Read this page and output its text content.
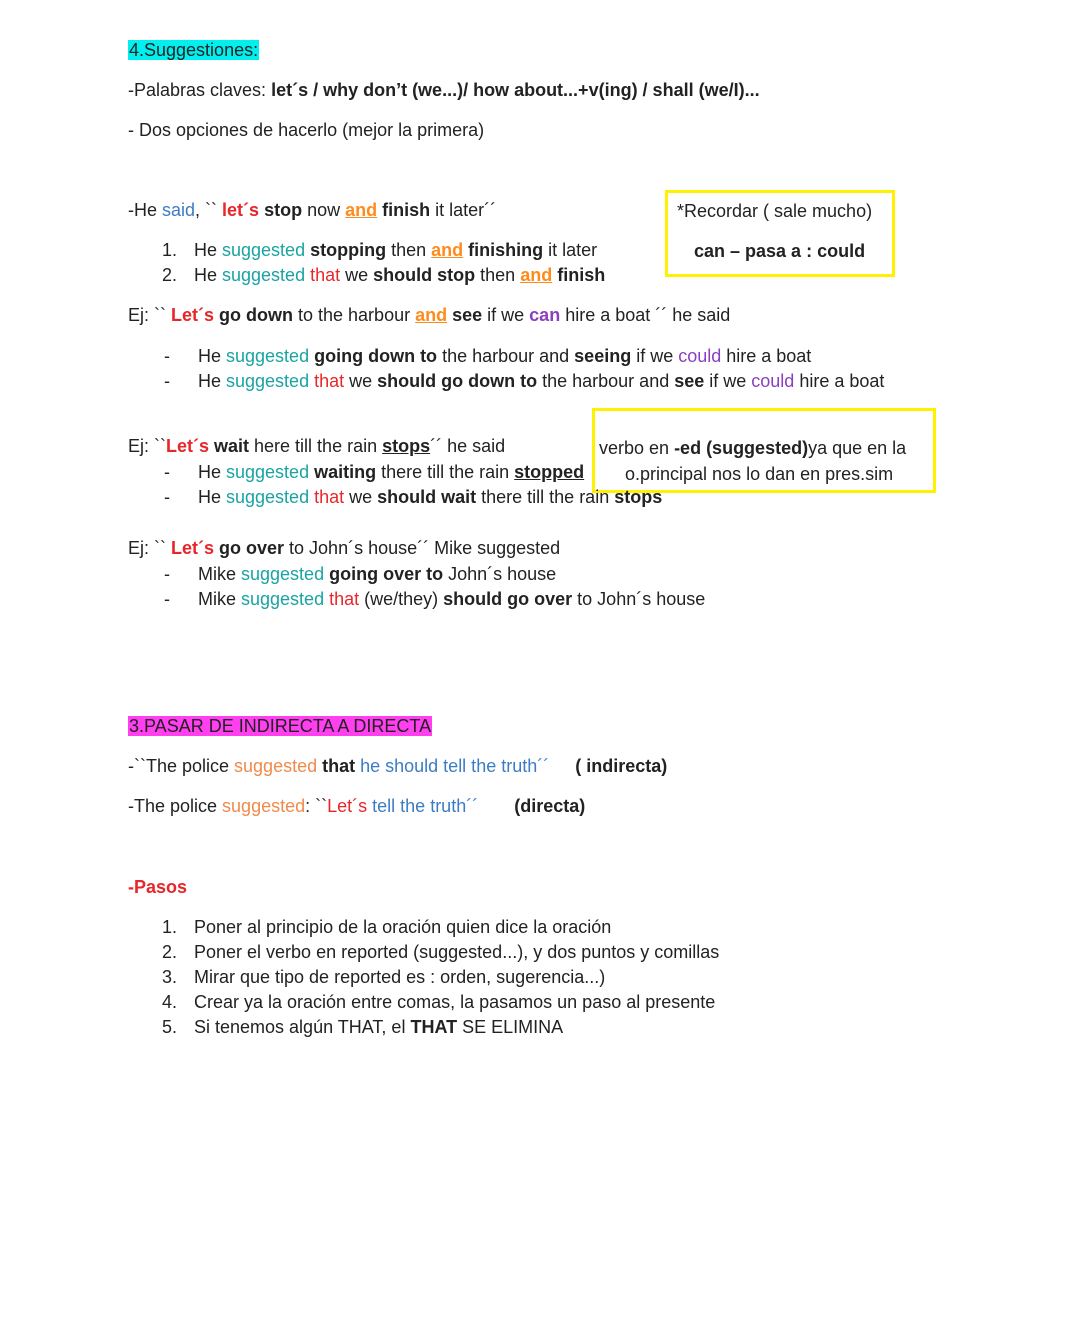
4.Suggestiones:
-Palabras claves: let´s / why don’t (we...)/ how about...+v(ing) / shall (we/I)...
- Dos opciones de hacerlo (mejor la primera)
*Recordar ( sale mucho)
can – pasa a : could
-He said, `` let´s stop now and finish it later´´
1. He suggested stopping then and finishing it later
2. He suggested that we should stop then and finish
Ej: `` Let´s go down to the harbour and see if we can hire a boat ´´ he said
- He suggested going down to the harbour and seeing if we could hire a boat
- He suggested that we should go down to the harbour and see if we could hire a boat
verbo en -ed (suggested)ya que en la
o.principal nos lo dan en pres.sim
Ej: ``Let´s wait here till the rain stops´´ he said
- He suggested waiting there till the rain stopped
- He suggested that we should wait there till the rain stops
Ej: `` Let´s go over to John´s house´´ Mike suggested
- Mike suggested going over to John´s house
- Mike suggested that (we/they) should go over to John´s house
3.PASAR DE INDIRECTA A DIRECTA
-``The police suggested that he should tell the truth´´ ( indirecta)
-The police suggested: ``Let´s tell the truth´´ (directa)
-Pasos
1. Poner al principio de la oración quien dice la oración
2. Poner el verbo en reported (suggested...), y dos puntos y comillas
3. Mirar que tipo de reported es : orden, sugerencia...)
4. Crear ya la oración entre comas, la pasamos un paso al presente
5. Si tenemos algún THAT, el THAT SE ELIMINA
